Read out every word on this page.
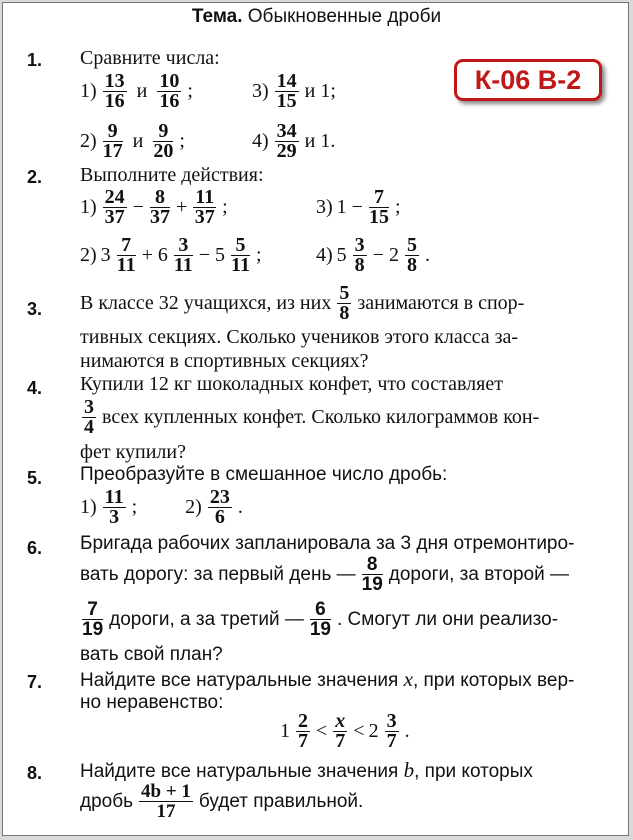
Тема. Обыкновенные дроби
К-06 В-2
1. Сравните числа:
$1) \frac{13}{16}$ и $\frac{10}{16}$ ;	$3) \frac{14}{15}$ и 1;
$2) \frac{9}{17}$ и $\frac{9}{20}$ ;	$4) \frac{34}{29}$ и 1.
2. Выполните действия:
$1) \frac{24}{37} - \frac{8}{37} + \frac{11}{37}$ ;	3) $1 - \frac{7}{15}$ ;
2) $3 \frac{7}{11} + 6 \frac{3}{11} - 5 \frac{5}{11}$ ;	4) $5 \frac{3}{8} - 2 \frac{5}{8}$ .
3. В классе 32 учащихся, из них $\frac{5}{8}$ занимаются в спор-
тивных секциях. Сколько учеников этого класса за-
нимаются в спортивных секциях?
4. Купили 12 кг шоколадных конфет, что составляет
$\frac{3}{4}$ всех купленных конфет. Сколько килограммов кон-
фет купили?
5. Преобразуйте в смешанное число дробь:
$1) \frac{11}{3}$ ; $2) \frac{23}{6}$ .
6. Бригада рабочих запланировала за 3 дня отремонтиро-
вать дорогу: за первый день — $\frac{8}{19}$ дороги, за второй —
$\frac{7}{19}$ дороги, а за третий — $\frac{6}{19}$ . Смогут ли они реализо-
вать свой план?
7. Найдите все натуральные значения x, при которых вер-
но неравенство:
$1 \frac{2}{7} < \frac{x}{7} < 2 \frac{3}{7}$ .
8. Найдите все натуральные значения b, при которых
дробь $\frac{4b + 1}{17}$ будет правильной.
